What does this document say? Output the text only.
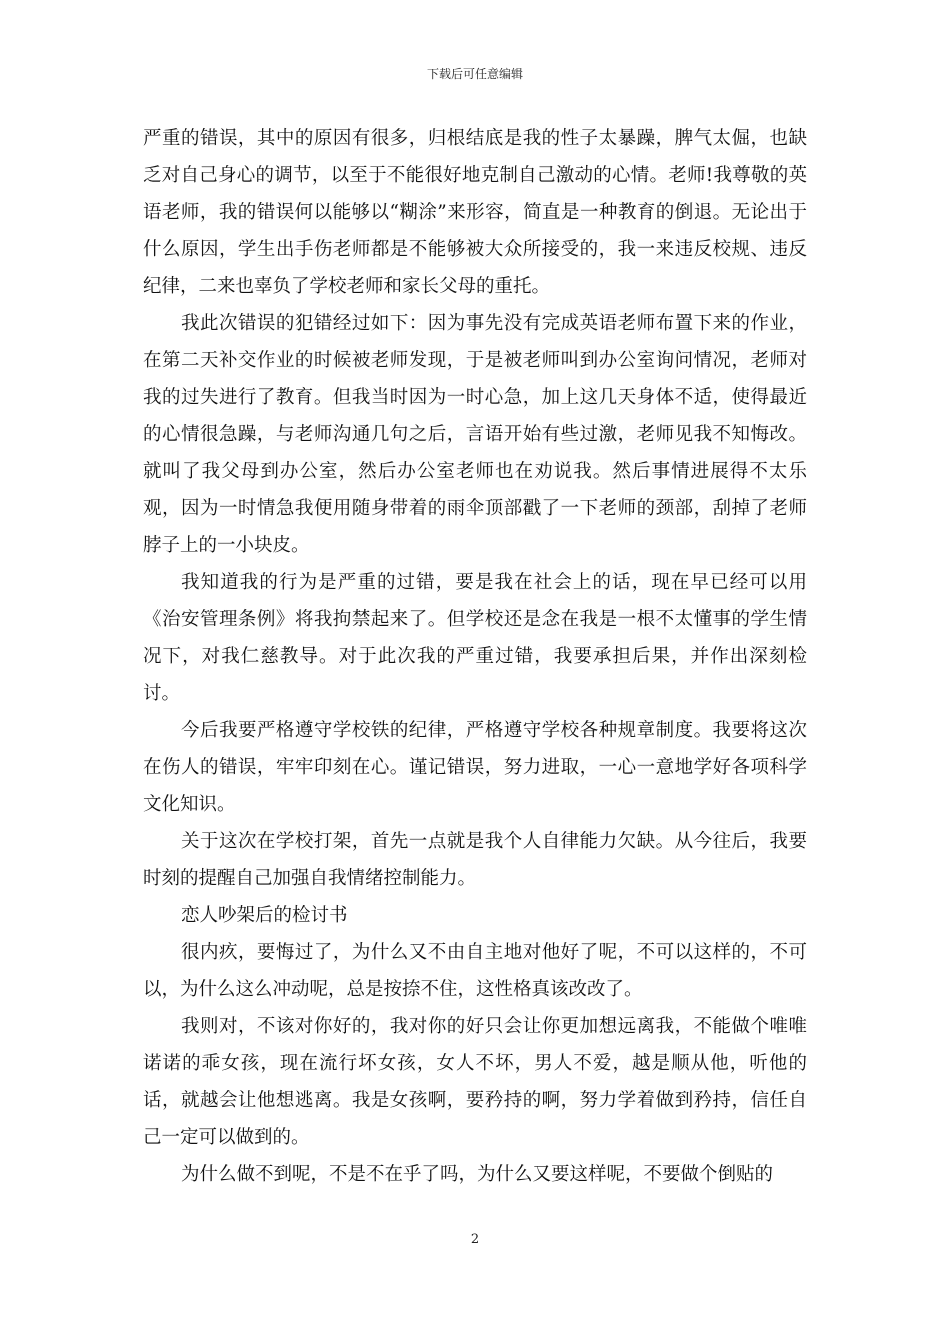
下载后可任意编辑

严重的错误，其中的原因有很多，归根结底是我的性子太暴躁，脾气太倔，也缺乏对自己身心的调节，以至于不能很好地克制自己激动的心情。老师!我尊敬的英语老师，我的错误何以能够以“糊涂”来形容，简直是一种教育的倒退。无论出于什么原因，学生出手伤老师都是不能够被大众所接受的，我一来违反校规、违反纪律，二来也辜负了学校老师和家长父母的重托。

我此次错误的犯错经过如下：因为事先没有完成英语老师布置下来的作业，在第二天补交作业的时候被老师发现，于是被老师叫到办公室询问情况，老师对我的过失进行了教育。但我当时因为一时心急，加上这几天身体不适，使得最近的心情很急躁，与老师沟通几句之后，言语开始有些过激，老师见我不知悔改。就叫了我父母到办公室，然后办公室老师也在劝说我。然后事情进展得不太乐观，因为一时情急我便用随身带着的雨伞顶部戳了一下老师的颈部，刮掉了老师脖子上的一小块皮。

我知道我的行为是严重的过错，要是我在社会上的话，现在早已经可以用《治安管理条例》将我拘禁起来了。但学校还是念在我是一根不太懂事的学生情况下，对我仁慈教导。对于此次我的严重过错，我要承担后果，并作出深刻检讨。

今后我要严格遵守学校铁的纪律，严格遵守学校各种规章制度。我要将这次在伤人的错误，牢牢印刻在心。谨记错误，努力进取，一心一意地学好各项科学文化知识。

关于这次在学校打架，首先一点就是我个人自律能力欠缺。从今往后，我要时刻的提醒自己加强自我情绪控制能力。

恋人吵架后的检讨书

很内疚，要悔过了，为什么又不由自主地对他好了呢，不可以这样的，不可以，为什么这么冲动呢，总是按捺不住，这性格真该改改了。

我则对，不该对你好的，我对你的好只会让你更加想远离我，不能做个唯唯诺诺的乖女孩，现在流行坏女孩，女人不坏，男人不爱，越是顺从他，听他的话，就越会让他想逃离。我是女孩啊，要矜持的啊，努力学着做到矜持，信任自己一定可以做到的。

为什么做不到呢，不是不在乎了吗，为什么又要这样呢，不要做个倒贴的

2
